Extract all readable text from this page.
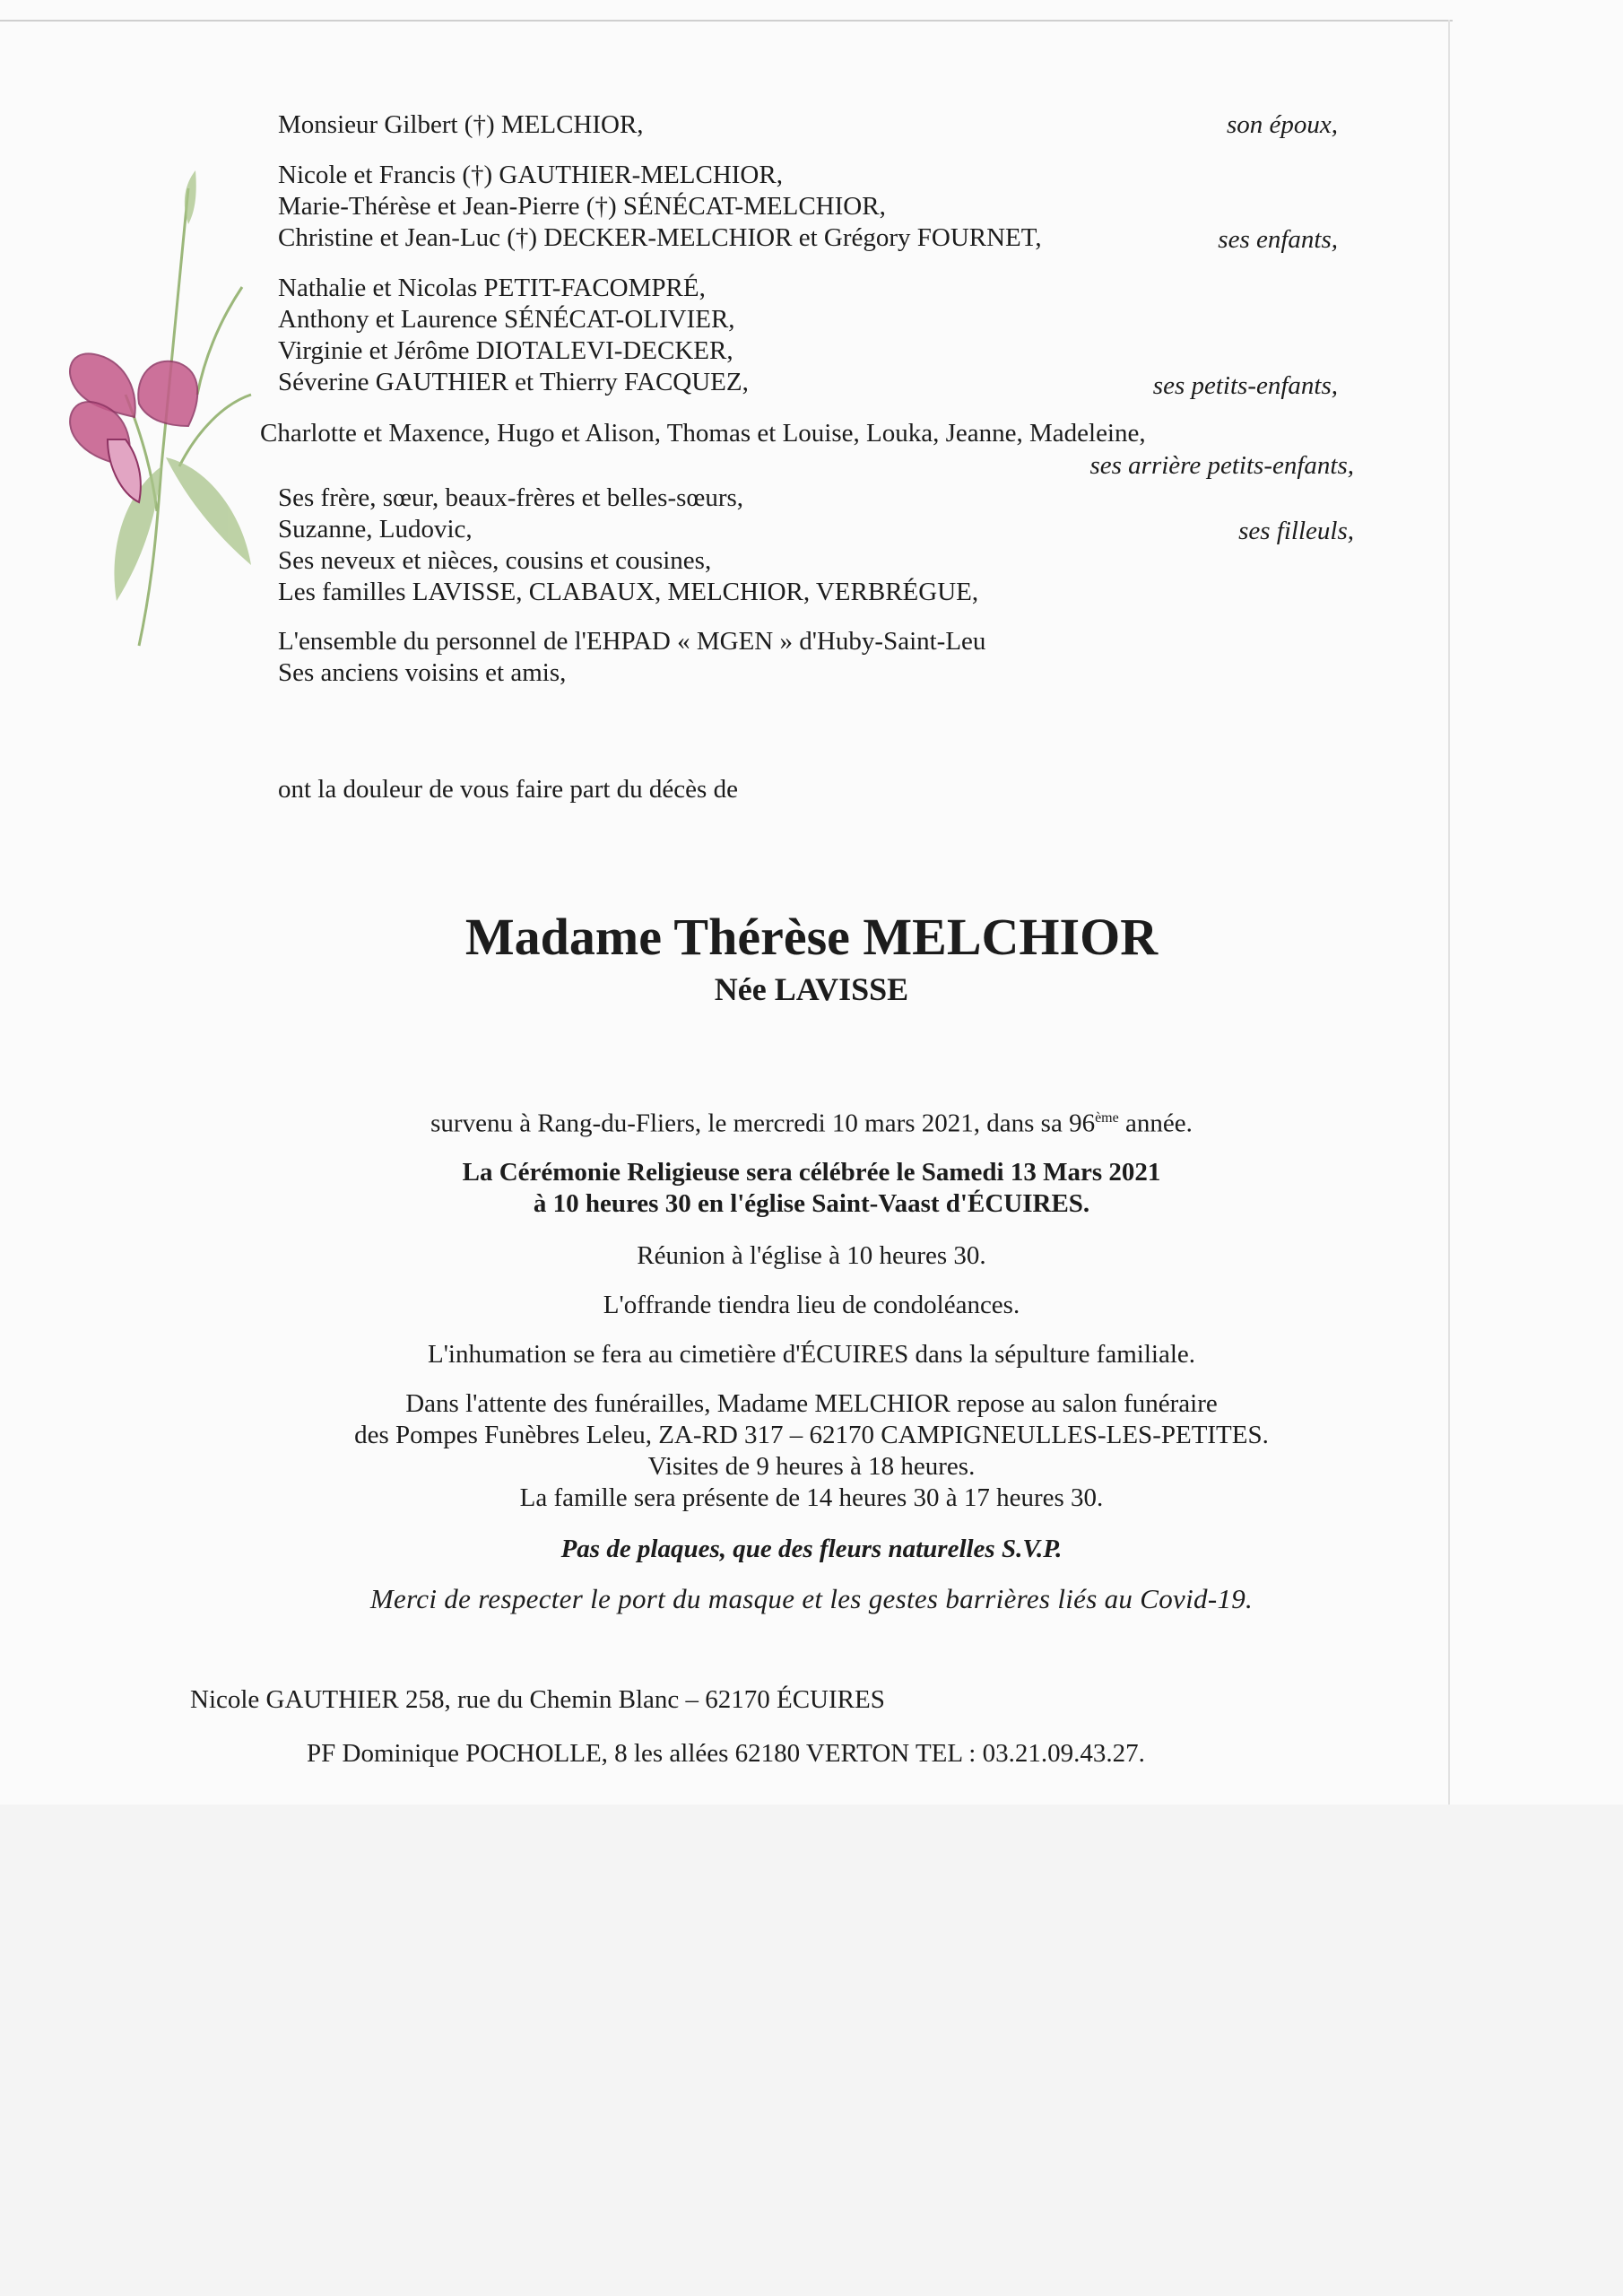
Monsieur Gilbert (†) MELCHIOR,	son époux,
Nicole et Francis (†) GAUTHIER-MELCHIOR,
Marie-Thérèse et Jean-Pierre (†) SÉNÉCAT-MELCHIOR,
Christine et Jean-Luc (†) DECKER-MELCHIOR et Grégory FOURNET,	ses enfants,
Nathalie et Nicolas PETIT-FACOMPRÉ,
Anthony et Laurence SÉNÉCAT-OLIVIER,
Virginie et Jérôme DIOTALEVI-DECKER,
Séverine GAUTHIER et Thierry FACQUEZ,	ses petits-enfants,
Charlotte et Maxence, Hugo et Alison, Thomas et Louise, Louka, Jeanne, Madeleine,
ses arrière petits-enfants,
Ses frère, sœur, beaux-frères et belles-sœurs,
Suzanne, Ludovic,	ses filleuls,
Ses neveux et nièces, cousins et cousines,
Les familles LAVISSE, CLABAUX, MELCHIOR, VERBRÉGUE,
L'ensemble du personnel de l'EHPAD « MGEN » d'Huby-Saint-Leu
Ses anciens voisins et amis,
ont la douleur de vous faire part du décès de
Madame Thérèse MELCHIOR
Née LAVISSE
survenu à Rang-du-Fliers, le mercredi 10 mars 2021, dans sa 96ème année.
La Cérémonie Religieuse sera célébrée le Samedi 13 Mars 2021
à 10 heures 30 en l'église Saint-Vaast d'ÉCUIRES.
Réunion à l'église à 10 heures 30.
L'offrande tiendra lieu de condoléances.
L'inhumation se fera au cimetière d'ÉCUIRES dans la sépulture familiale.
Dans l'attente des funérailles, Madame MELCHIOR repose au salon funéraire
des Pompes Funèbres Leleu, ZA-RD 317 – 62170 CAMPIGNEULLES-LES-PETITES.
Visites de 9 heures à 18 heures.
La famille sera présente de 14 heures 30 à 17 heures 30.
Pas de plaques, que des fleurs naturelles S.V.P.
Merci de respecter le port du masque et les gestes barrières liés au Covid-19.
Nicole GAUTHIER 258, rue du Chemin Blanc – 62170 ÉCUIRES
PF Dominique POCHOLLE, 8 les allées 62180 VERTON TEL : 03.21.09.43.27.
